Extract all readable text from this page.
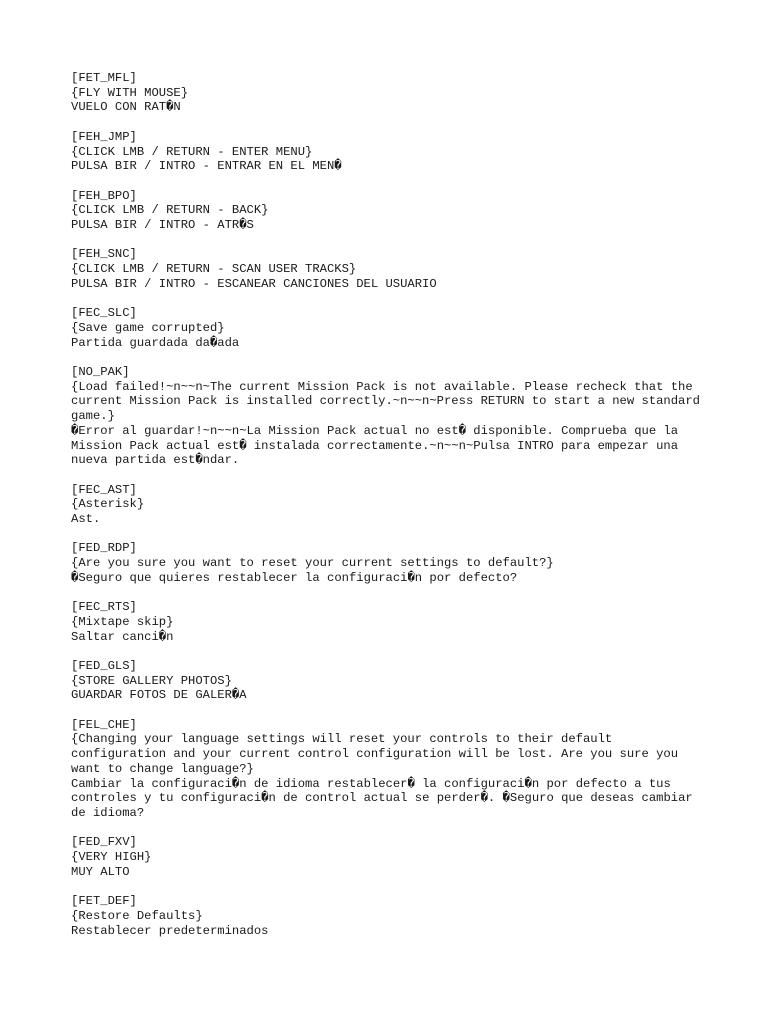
[FET_MFL]
{FLY WITH MOUSE}
VUELO CON RAT�N
[FEH_JMP]
{CLICK LMB / RETURN - ENTER MENU}
PULSA BIR / INTRO - ENTRAR EN EL MEN�
[FEH_BPO]
{CLICK LMB / RETURN - BACK}
PULSA BIR / INTRO - ATR�S
[FEH_SNC]
{CLICK LMB / RETURN - SCAN USER TRACKS}
PULSA BIR / INTRO - ESCANEAR CANCIONES DEL USUARIO
[FEC_SLC]
{Save game corrupted}
Partida guardada da�ada
[NO_PAK]
{Load failed!~n~~n~The current Mission Pack is not available. Please recheck that the current Mission Pack is installed correctly.~n~~n~Press RETURN to start a new standard game.}
�Error al guardar!~n~~n~La Mission Pack actual no est� disponible. Comprueba que la Mission Pack actual est� instalada correctamente.~n~~n~Pulsa INTRO para empezar una nueva partida est�ndar.
[FEC_AST]
{Asterisk}
Ast.
[FED_RDP]
{Are you sure you want to reset your current settings to default?}
�Seguro que quieres restablecer la configuraci�n por defecto?
[FEC_RTS]
{Mixtape skip}
Saltar canci�n
[FED_GLS]
{STORE GALLERY PHOTOS}
GUARDAR FOTOS DE GALER�A
[FEL_CHE]
{Changing your language settings will reset your controls to their default configuration and your current control configuration will be lost. Are you sure you want to change language?}
Cambiar la configuraci�n de idioma restablecer� la configuraci�n por defecto a tus controles y tu configuraci�n de control actual se perder�. �Seguro que deseas cambiar de idioma?
[FED_FXV]
{VERY HIGH}
MUY ALTO
[FET_DEF]
{Restore Defaults}
Restablecer predeterminados
